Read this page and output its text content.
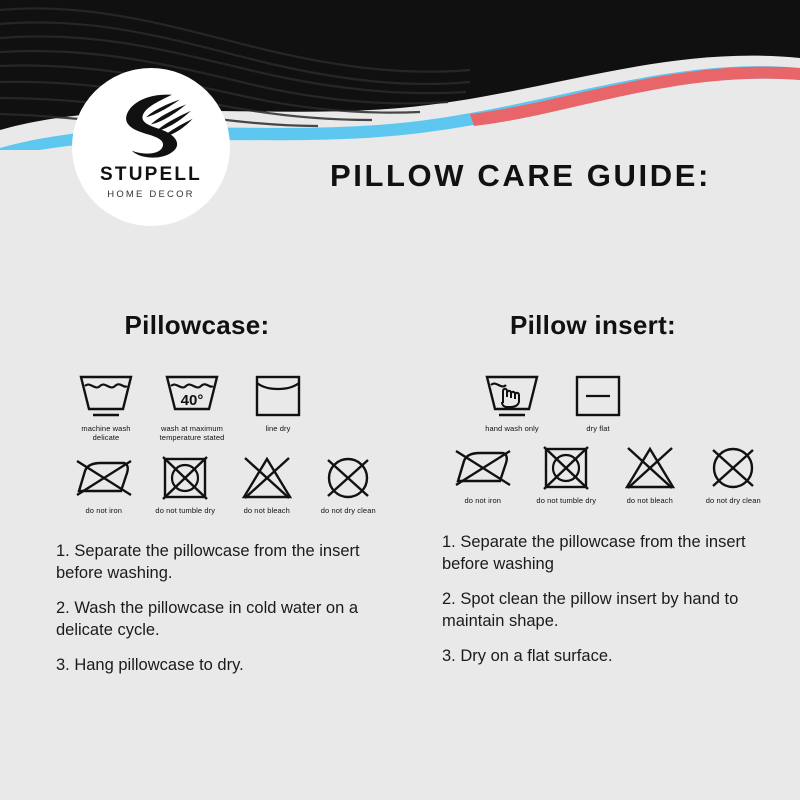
STUPELL
HOME DECOR
PILLOW CARE GUIDE:
Pillowcase:
machine wash
delicate
40°
wash at maximum
temperature stated
line dry
do not iron	do not tumble dry	do not bleach	do not dry clean
1. Separate the pillowcase from the insert before washing.
2. Wash the pillowcase in cold water on a delicate cycle.
3. Hang pillowcase to dry.
Pillow insert:
hand wash only	dry flat
do not iron	do not tumble dry	do not bleach	do not dry clean
1. Separate the pillowcase from the insert before washing
2. Spot clean the pillow insert by hand to maintain shape.
3. Dry on a flat surface.
